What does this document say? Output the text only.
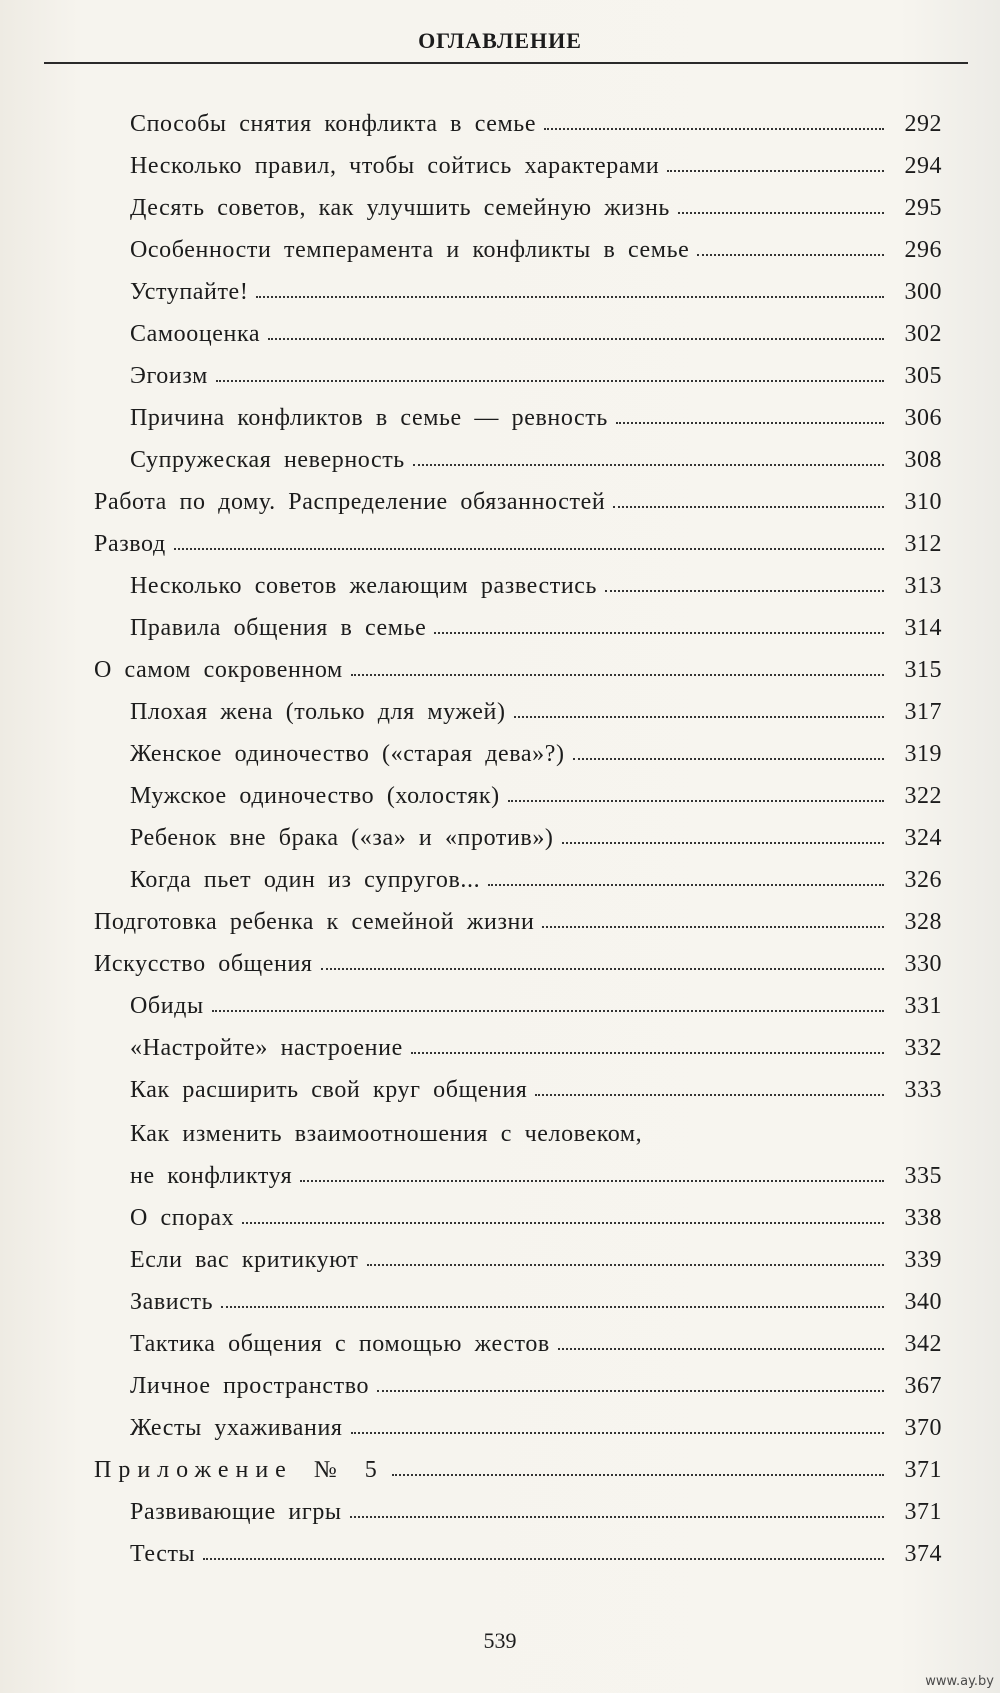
ОГЛАВЛЕНИЕ
Способы снятия конфликта в семье	292
Несколько правил, чтобы сойтись характерами	294
Десять советов, как улучшить семейную жизнь	295
Особенности темперамента и конфликты в семье	296
Уступайте!	300
Самооценка	302
Эгоизм	305
Причина конфликтов в семье — ревность	306
Супружеская неверность	308
Работа по дому. Распределение обязанностей	310
Развод	312
Несколько советов желающим развестись	313
Правила общения в семье	314
О самом сокровенном	315
Плохая жена (только для мужей)	317
Женское одиночество («старая дева»?)	319
Мужское одиночество (холостяк)	322
Ребенок вне брака («за» и «против»)	324
Когда пьет один из супругов...	326
Подготовка ребенка к семейной жизни	328
Искусство общения	330
Обиды	331
«Настройте» настроение	332
Как расширить свой круг общения	333
Как изменить взаимоотношения с человеком,
не конфликтуя	335
О спорах	338
Если вас критикуют	339
Зависть	340
Тактика общения с помощью жестов	342
Личное пространство	367
Жесты ухаживания	370
Приложение № 5	371
Развивающие игры	371
Тесты	374
539
www.ay.by
